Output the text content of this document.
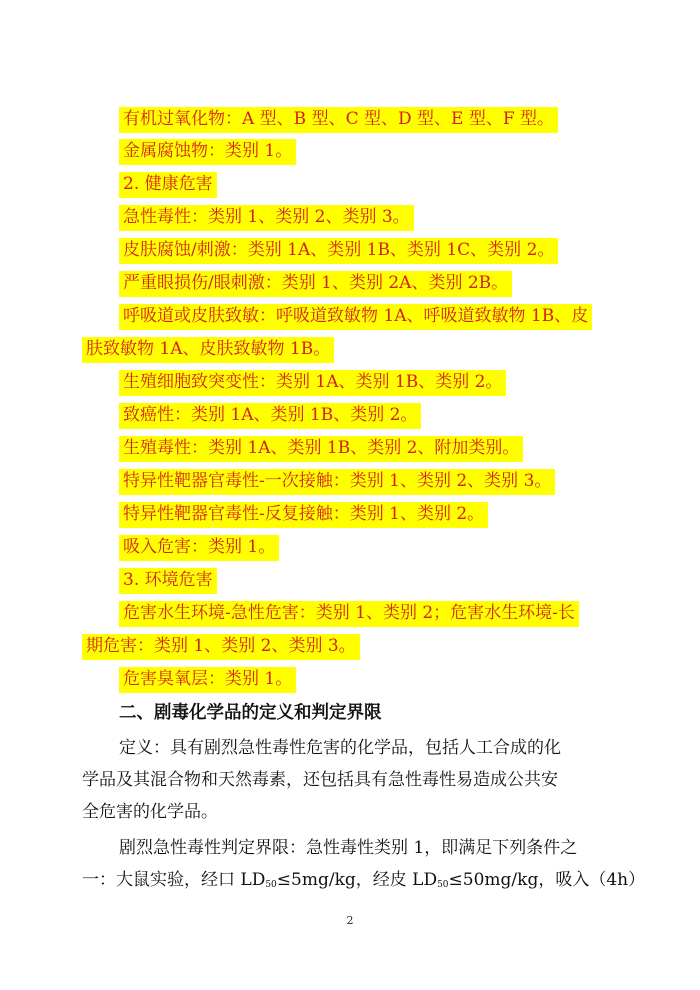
有机过氧化物：A 型、B 型、C 型、D 型、E 型、F 型。
金属腐蚀物：类别 1。
2. 健康危害
急性毒性：类别 1、类别 2、类别 3。
皮肤腐蚀/刺激：类别 1A、类别 1B、类别 1C、类别 2。
严重眼损伤/眼刺激：类别 1、类别 2A、类别 2B。
呼吸道或皮肤致敏：呼吸道致敏物 1A、呼吸道致敏物 1B、皮
肤致敏物 1A、皮肤致敏物 1B。
生殖细胞致突变性：类别 1A、类别 1B、类别 2。
致癌性：类别 1A、类别 1B、类别 2。
生殖毒性：类别 1A、类别 1B、类别 2、附加类别。
特异性靶器官毒性-一次接触：类别 1、类别 2、类别 3。
特异性靶器官毒性-反复接触：类别 1、类别 2。
吸入危害：类别 1。
3. 环境危害
危害水生环境-急性危害：类别 1、类别 2；危害水生环境-长
期危害：类别 1、类别 2、类别 3。
危害臭氧层：类别 1。
二、剧毒化学品的定义和判定界限
定义：具有剧烈急性毒性危害的化学品，包括人工合成的化
学品及其混合物和天然毒素，还包括具有急性毒性易造成公共安
全危害的化学品。
剧烈急性毒性判定界限：急性毒性类别 1，即满足下列条件之
一：大鼠实验，经口 $LD_{50}\le 5mg/kg$，经皮 $LD_{50}\le 50mg/kg$，吸入（4h）
2
